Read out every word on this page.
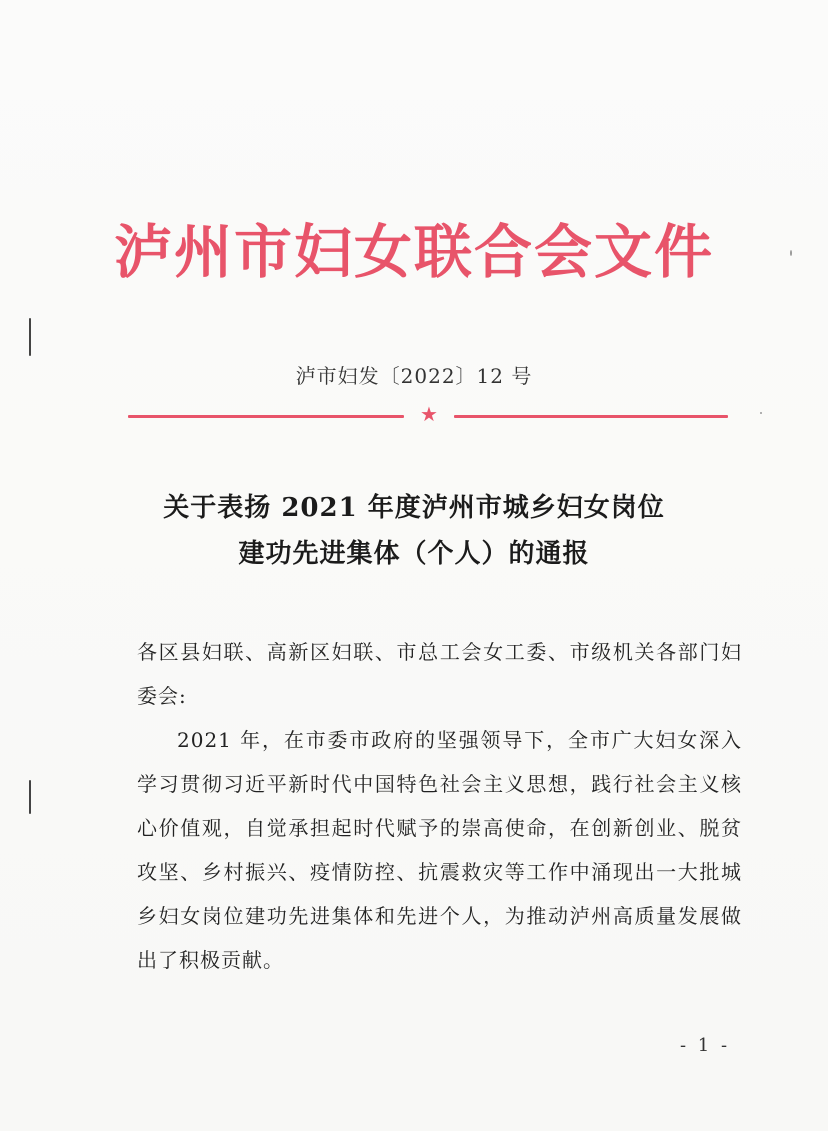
泸州市妇女联合会文件
泸市妇发〔2022〕12 号
★
关于表扬 2021 年度泸州市城乡妇女岗位
建功先进集体（个人）的通报

各区县妇联、高新区妇联、市总工会女工委、市级机关各部门妇委会:

2021 年，在市委市政府的坚强领导下，全市广大妇女深入学习贯彻习近平新时代中国特色社会主义思想，践行社会主义核心价值观，自觉承担起时代赋予的崇高使命，在创新创业、脱贫攻坚、乡村振兴、疫情防控、抗震救灾等工作中涌现出一大批城乡妇女岗位建功先进集体和先进个人，为推动泸州高质量发展做出了积极贡献。

- 1 -
